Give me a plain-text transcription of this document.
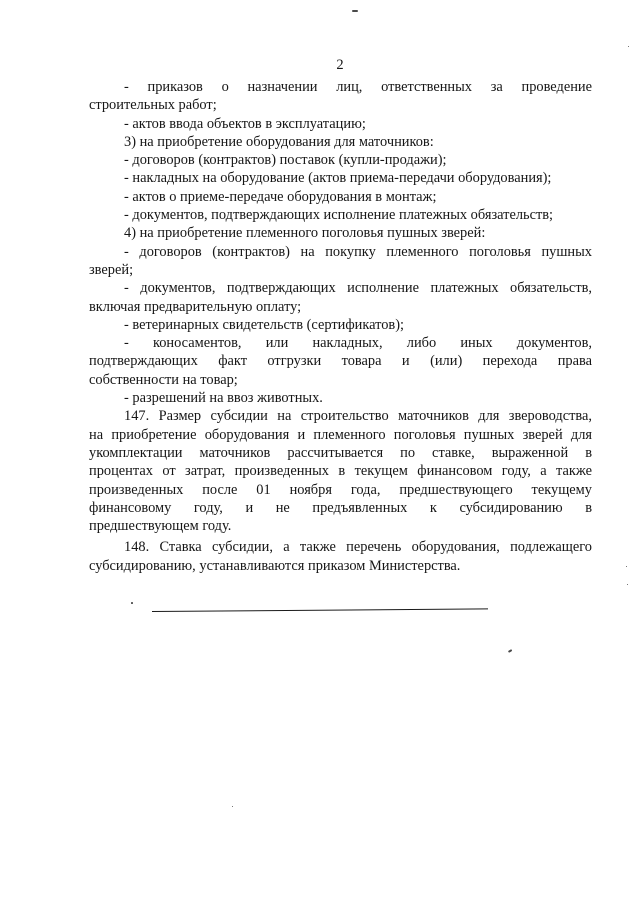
2
- приказов о назначении лиц, ответственных за проведение
строительных работ;
- актов ввода объектов в эксплуатацию;
3) на приобретение оборудования для маточников:
- договоров (контрактов) поставок (купли-продажи);
- накладных на оборудование (актов приема-передачи оборудования);
- актов о приеме-передаче оборудования в монтаж;
- документов, подтверждающих исполнение платежных обязательств;
4) на приобретение племенного поголовья пушных зверей:
- договоров (контрактов) на покупку племенного поголовья пушных
зверей;
- документов, подтверждающих исполнение платежных обязательств,
включая предварительную оплату;
- ветеринарных свидетельств (сертификатов);
- коносаментов, или накладных, либо иных документов,
подтверждающих факт отгрузки товара и (или) перехода права
собственности на товар;
- разрешений на ввоз животных.
147. Размер субсидии на строительство маточников для звероводства,
на приобретение оборудования и племенного поголовья пушных зверей для
укомплектации маточников рассчитывается по ставке, выраженной в
процентах от затрат, произведенных в текущем финансовом году, а также
произведенных после 01 ноября года, предшествующего текущему
финансовому году, и не предъявленных к субсидированию в
предшествующем году.
148. Ставка субсидии, а также перечень оборудования, подлежащего
субсидированию, устанавливаются приказом Министерства.
